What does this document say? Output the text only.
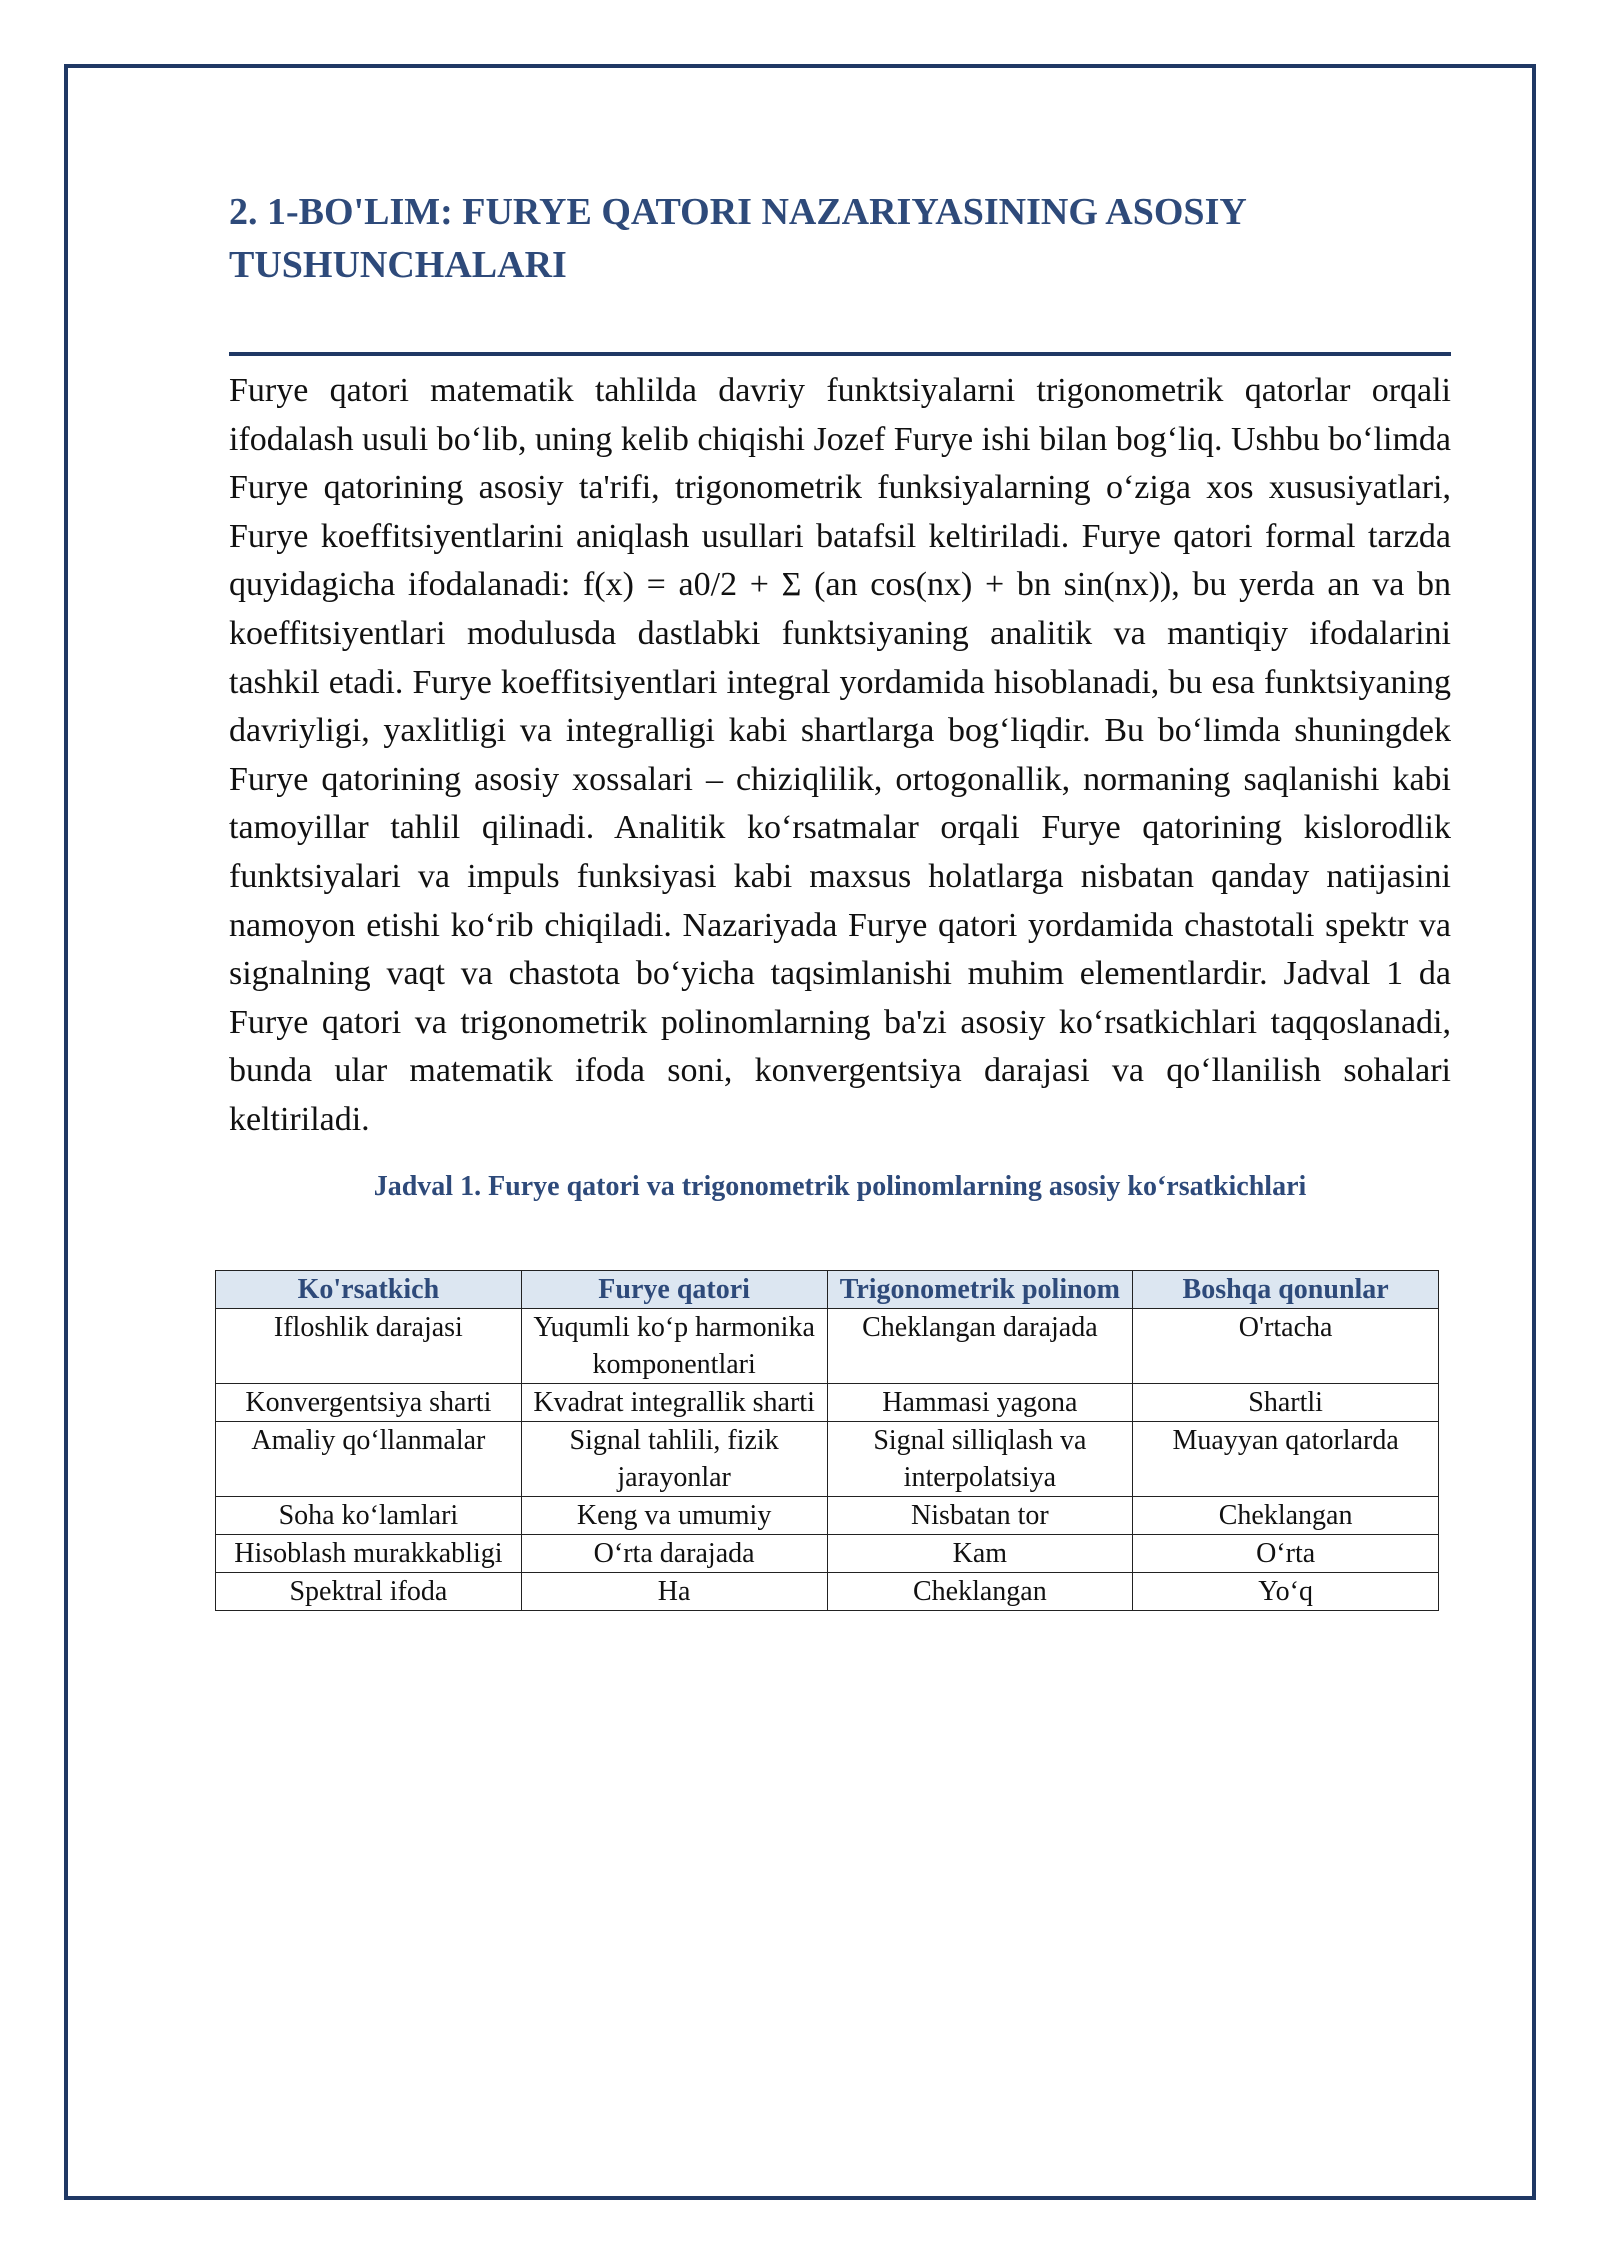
2. 1-BO'LIM: FURYE QATORI NAZARIYASINING ASOSIY TUSHUNCHALARI

Furye qatori matematik tahlilda davriy funktsiyalarni trigonometrik qatorlar orqali ifodalash usuli bo‘lib, uning kelib chiqishi Jozef Furye ishi bilan bog‘liq. Ushbu bo‘limda Furye qatorining asosiy ta'rifi, trigonometrik funksiyalarning o‘ziga xos xususiyatlari, Furye koeffitsiyentlarini aniqlash usullari batafsil keltiriladi. Furye qatori formal tarzda quyidagicha ifodalanadi: f(x) = a0/2 + Σ (an cos(nx) + bn sin(nx)), bu yerda an va bn koeffitsiyentlari modulusda dastlabki funktsiyaning analitik va mantiqiy ifodalarini tashkil etadi. Furye koeffitsiyentlari integral yordamida hisoblanadi, bu esa funktsiyaning davriyligi, yaxlitligi va integralligi kabi shartlarga bog‘liqdir. Bu bo‘limda shuningdek Furye qatorining asosiy xossalari – chiziqlilik, ortogonallik, normaning saqlanishi kabi tamoyillar tahlil qilinadi. Analitik ko‘rsatmalar orqali Furye qatorining kislorodlik funktsiyalari va impuls funksiyasi kabi maxsus holatlarga nisbatan qanday natijasini namoyon etishi ko‘rib chiqiladi. Nazariyada Furye qatori yordamida chastotali spektr va signalning vaqt va chastota bo‘yicha taqsimlanishi muhim elementlardir. Jadval 1 da Furye qatori va trigonometrik polinomlarning ba'zi asosiy ko‘rsatkichlari taqqoslanadi, bunda ular matematik ifoda soni, konvergentsiya darajasi va qo‘llanilish sohalari keltiriladi.

Jadval 1. Furye qatori va trigonometrik polinomlarning asosiy ko‘rsatkichlari

Ko'rsatkich	Furye qatori	Trigonometrik polinom	Boshqa qonunlar
Ifloshlik darajasi	Yuqumli ko‘p harmonika komponentlari	Cheklangan darajada	O'rtacha
Konvergentsiya sharti	Kvadrat integrallik sharti	Hammasi yagona	Shartli
Amaliy qo‘llanmalar	Signal tahlili, fizik jarayonlar	Signal silliqlash va interpolatsiya	Muayyan qatorlarda
Soha ko‘lamlari	Keng va umumiy	Nisbatan tor	Cheklangan
Hisoblash murakkabligi	O‘rta darajada	Kam	O‘rta
Spektral ifoda	Ha	Cheklangan	Yo‘q
